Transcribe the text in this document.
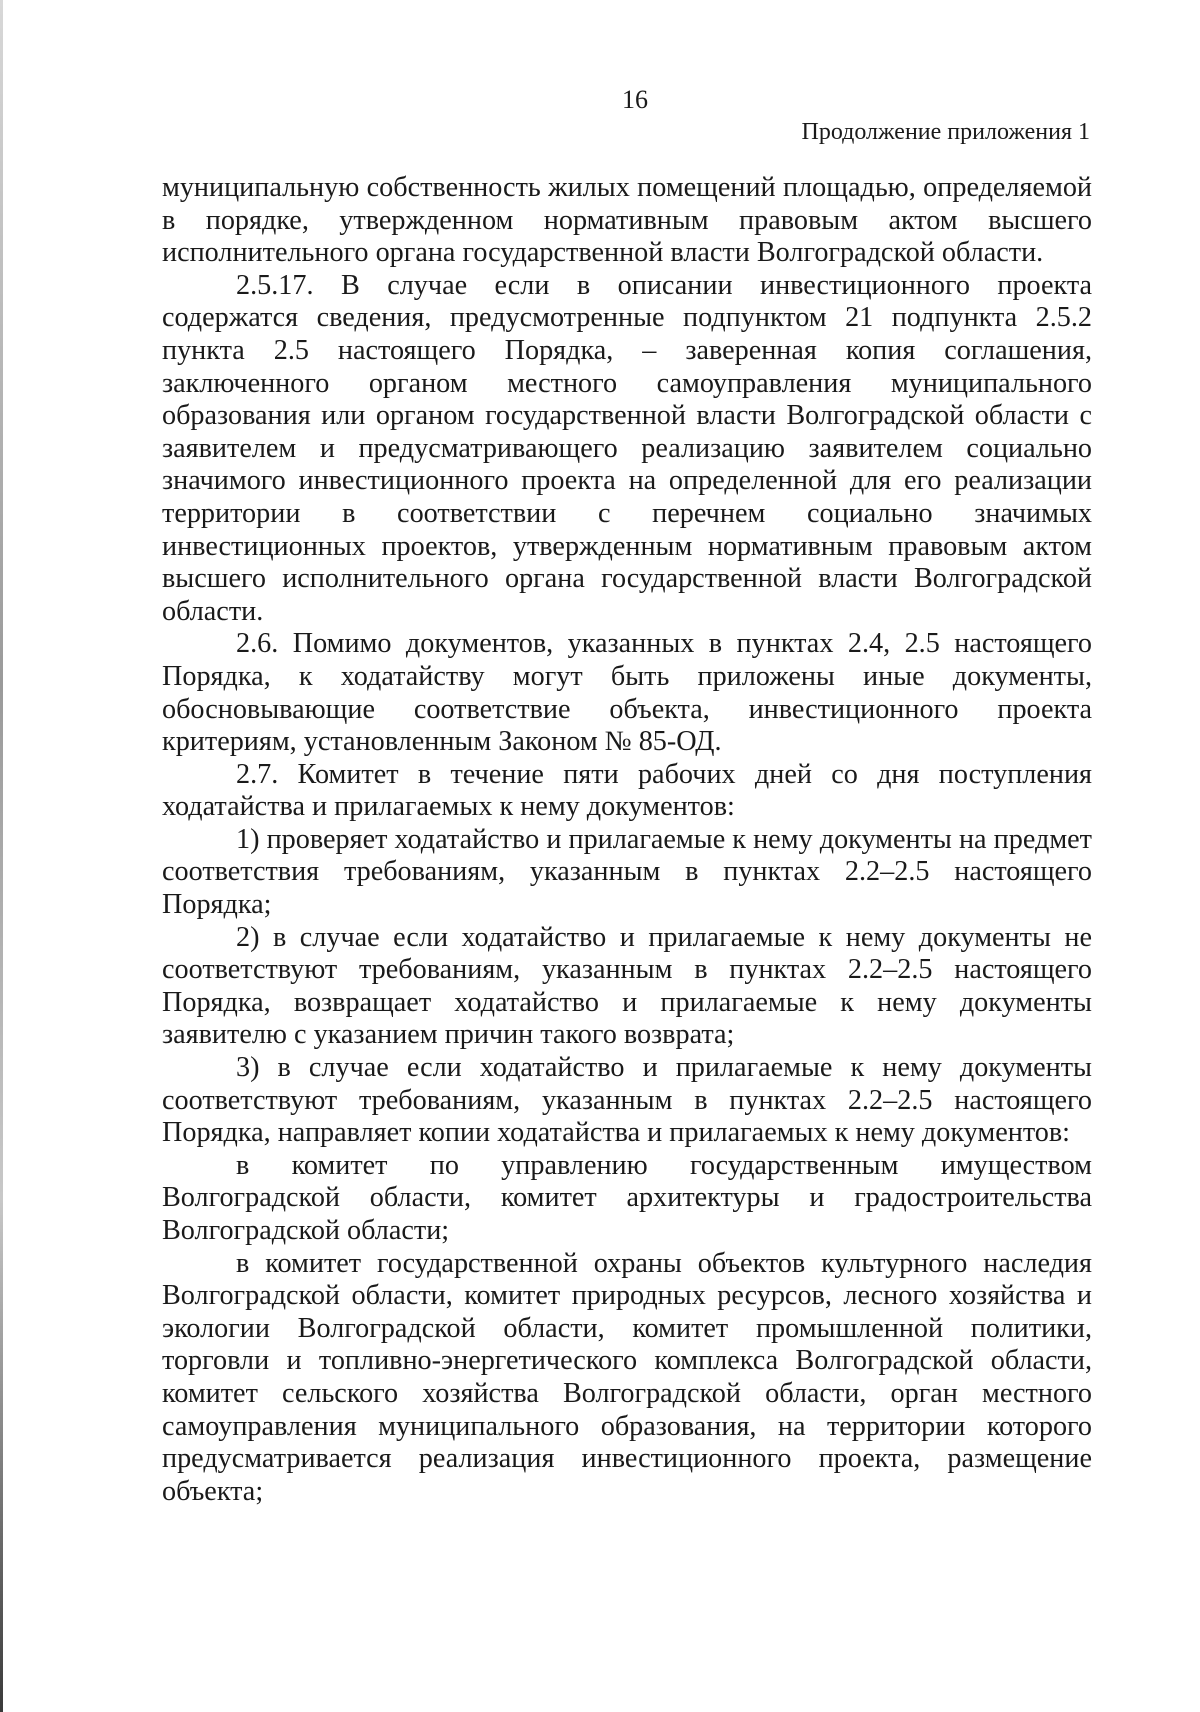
16
Продолжение приложения 1

муниципальную собственность жилых помещений площадью, определяемой в порядке, утвержденном нормативным правовым актом высшего исполнительного органа государственной власти Волгоградской области.

2.5.17. В случае если в описании инвестиционного проекта содержатся сведения, предусмотренные подпунктом 21 подпункта 2.5.2 пункта 2.5 настоящего Порядка, – заверенная копия соглашения, заключенного органом местного самоуправления муниципального образования или органом государственной власти Волгоградской области с заявителем и предусматривающего реализацию заявителем социально значимого инвестиционного проекта на определенной для его реализации территории в соответствии с перечнем социально значимых инвестиционных проектов, утвержденным нормативным правовым актом высшего исполнительного органа государственной власти Волгоградской области.

2.6. Помимо документов, указанных в пунктах 2.4, 2.5 настоящего Порядка, к ходатайству могут быть приложены иные документы, обосновывающие соответствие объекта, инвестиционного проекта критериям, установленным Законом № 85-ОД.

2.7. Комитет в течение пяти рабочих дней со дня поступления ходатайства и прилагаемых к нему документов:

1) проверяет ходатайство и прилагаемые к нему документы на предмет соответствия требованиям, указанным в пунктах 2.2–2.5 настоящего Порядка;

2) в случае если ходатайство и прилагаемые к нему документы не соответствуют требованиям, указанным в пунктах 2.2–2.5 настоящего Порядка, возвращает ходатайство и прилагаемые к нему документы заявителю с указанием причин такого возврата;

3) в случае если ходатайство и прилагаемые к нему документы соответствуют требованиям, указанным в пунктах 2.2–2.5 настоящего Порядка, направляет копии ходатайства и прилагаемых к нему документов:

в комитет по управлению государственным имуществом Волгоградской области, комитет архитектуры и градостроительства Волгоградской области;

в комитет государственной охраны объектов культурного наследия Волгоградской области, комитет природных ресурсов, лесного хозяйства и экологии Волгоградской области, комитет промышленной политики, торговли и топливно-энергетического комплекса Волгоградской области, комитет сельского хозяйства Волгоградской области, орган местного самоуправления муниципального образования, на территории которого предусматривается реализация инвестиционного проекта, размещение объекта;
